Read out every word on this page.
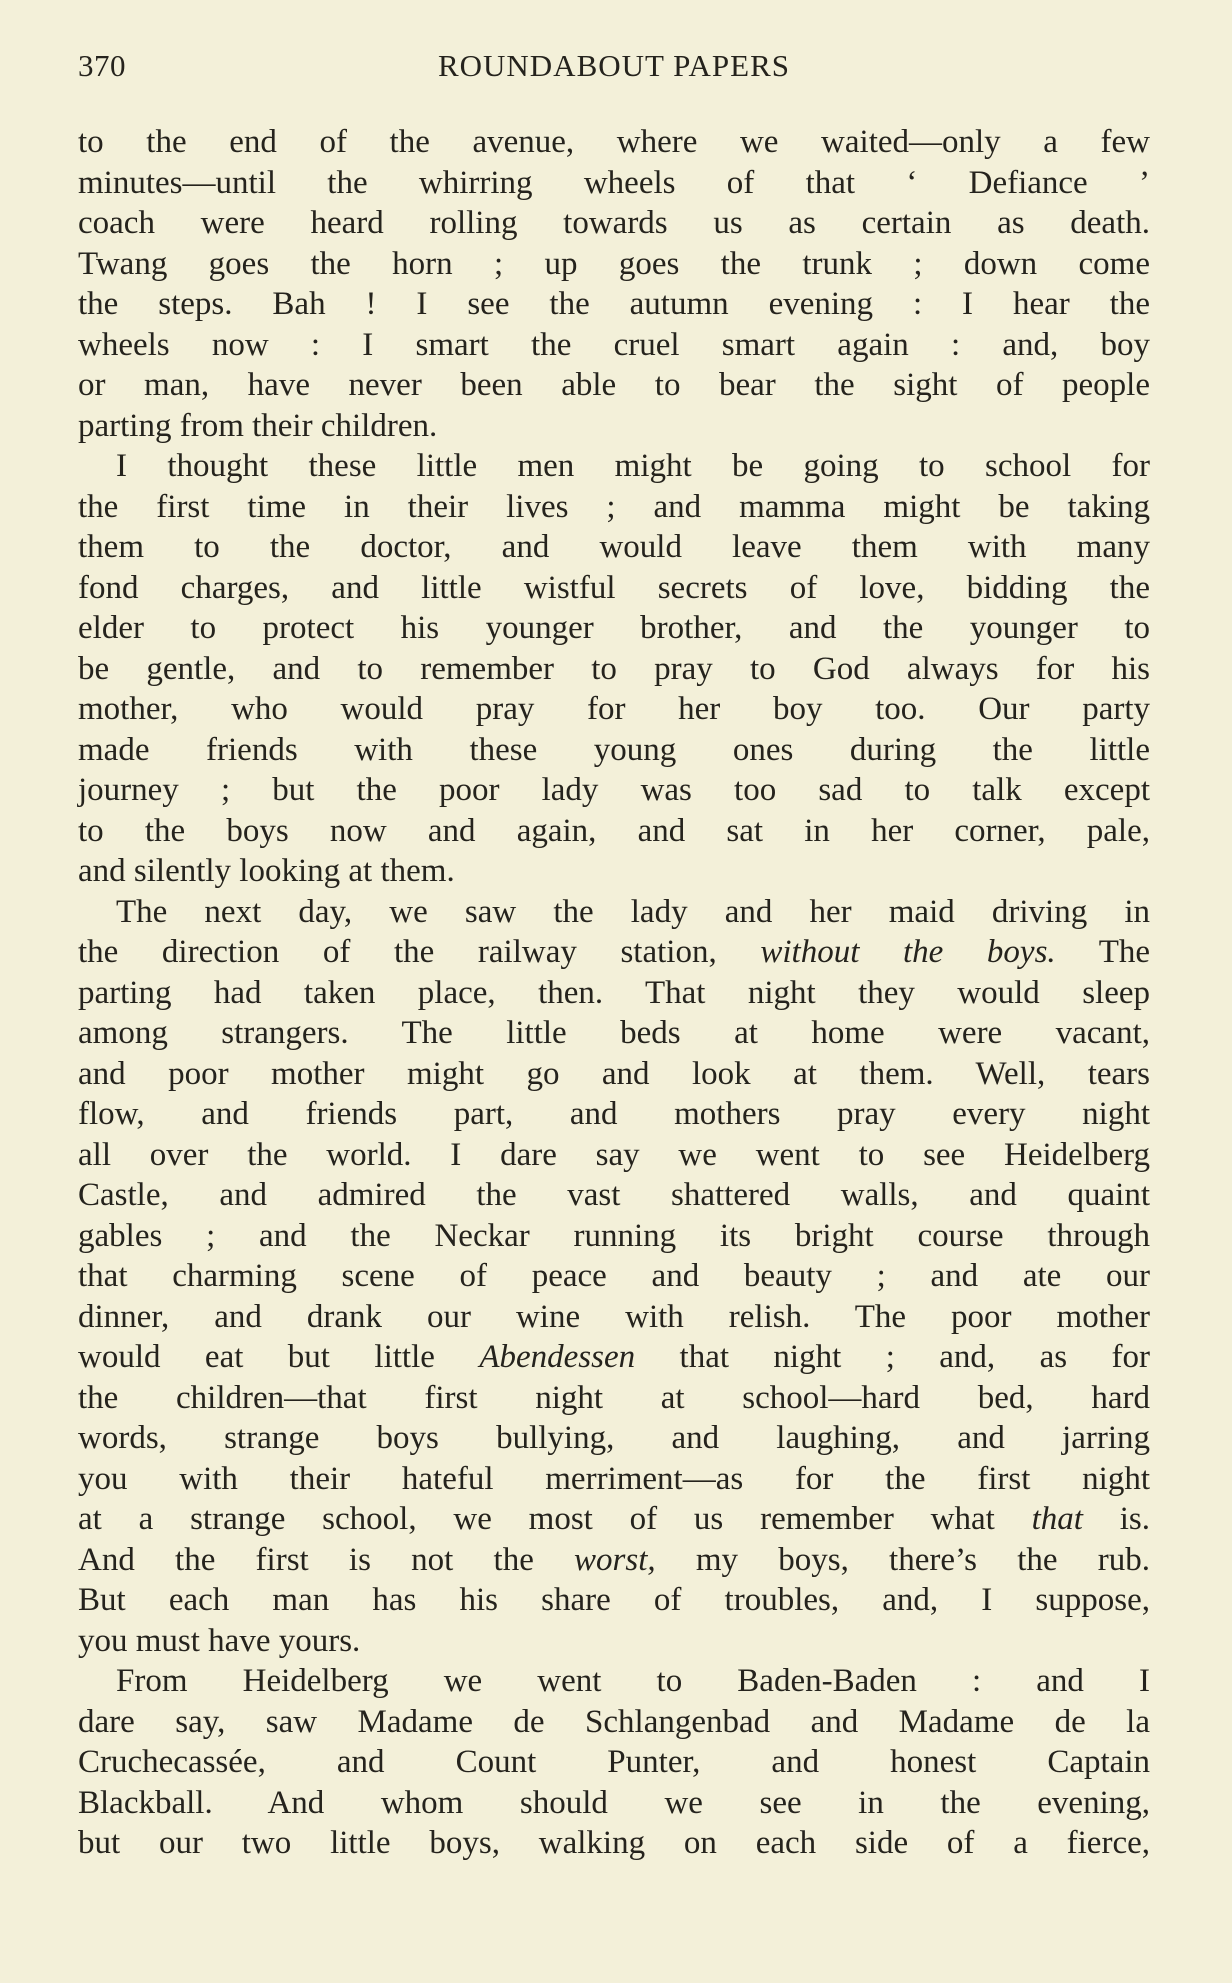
370	ROUNDABOUT PAPERS
to the end of the avenue, where we waited—only a few
minutes—until the whirring wheels of that ‘ Defiance ’
coach were heard rolling towards us as certain as death.
Twang goes the horn ; up goes the trunk ; down come
the steps. Bah ! I see the autumn evening : I hear the
wheels now : I smart the cruel smart again : and, boy
or man, have never been able to bear the sight of people
parting from their children.
I thought these little men might be going to school for
the first time in their lives ; and mamma might be taking
them to the doctor, and would leave them with many
fond charges, and little wistful secrets of love, bidding the
elder to protect his younger brother, and the younger to
be gentle, and to remember to pray to God always for his
mother, who would pray for her boy too. Our party
made friends with these young ones during the little
journey ; but the poor lady was too sad to talk except
to the boys now and again, and sat in her corner, pale,
and silently looking at them.
The next day, we saw the lady and her maid driving in
the direction of the railway station, without the boys. The
parting had taken place, then. That night they would sleep
among strangers. The little beds at home were vacant,
and poor mother might go and look at them. Well, tears
flow, and friends part, and mothers pray every night
all over the world. I dare say we went to see Heidelberg
Castle, and admired the vast shattered walls, and quaint
gables ; and the Neckar running its bright course through
that charming scene of peace and beauty ; and ate our
dinner, and drank our wine with relish. The poor mother
would eat but little Abendessen that night ; and, as for
the children—that first night at school—hard bed, hard
words, strange boys bullying, and laughing, and jarring
you with their hateful merriment—as for the first night
at a strange school, we most of us remember what that is.
And the first is not the worst, my boys, there’s the rub.
But each man has his share of troubles, and, I suppose,
you must have yours.
From Heidelberg we went to Baden-Baden : and I
dare say, saw Madame de Schlangenbad and Madame de la
Cruchecassée, and Count Punter, and honest Captain
Blackball. And whom should we see in the evening,
but our two little boys, walking on each side of a fierce,
